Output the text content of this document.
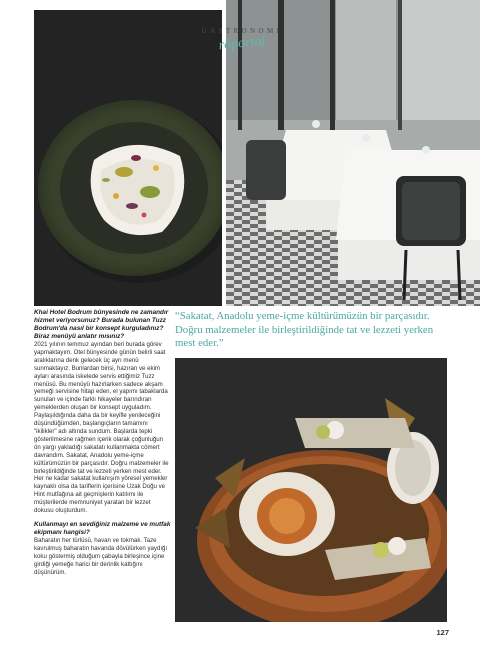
GASTRONOMI
röportaj

Khai Hotel Bodrum bünyesinde ne zamandır hizmet veriyorsunuz? Burada bulunan Tuzz Bodrum'da nasıl bir konsept kurguladınız? Biraz menüyü anlatır mısınız?

2021 yılının temmuz ayından beri burada görev yapmaktayım. Otel bünyesinde günün belirli saat aralıklarına denk gelecek üç ayrı menü sunmaktayız. Bunlardan birisi, hazıran ve ekim ayları arasında iskelede servis ettiğimiz Tuzz menüsü. Bu menüyü hazırlarken sadece akşam yemeği servisine hitap eden, el yapımı tabaklarda sunulan ve içinde farklı hikayeler barındıran yemeklerden oluşan bir konsept uyguladım. Paylaşıldığında daha da bir keyifle yenileceğini düşündüğümden, başlangıçların tamamını "ikilikler" adı altında sundum. Başlarda tepki gösterilmesine rağmen içerik olarak çoğunluğun ön yargı yakladığı sakatatı kullanmakta cömert davrandım. Sakatat, Anadolu yeme-içme kültürümüzün bir parçasıdır. Doğru malzemeler ile birleştirildiğinde tat ve lezzeti yerken mest eder. Her ne kadar sakatat kullanışım yöresel yemekler kaynaklı olsa da tariflerin içerisine Uzak Doğu ve Hint mutfağına ait geçmişlerin katılımı ile müşterilerde memnuniyet yaratan bir lezzet dokusu oluşturdum.

Kullanmayı en sevdiğiniz malzeme ve mutfak ekipmanı hangisi?

Baharatın her türlüsü, havan ve tokmak. Taze kavrulmuş baharatın havanda dövülürken yaydığı koku göstermiş olduğum çabayla birleşince içine girdiği yemeğe harici bir derinlik kattığını düşünürüm.

“Sakatat, Anadolu yeme-içme kültürümüzün bir parçasıdır. Doğru malzemeler ile birleştirildiğinde tat ve lezzeti yerken mest eder.”

127
